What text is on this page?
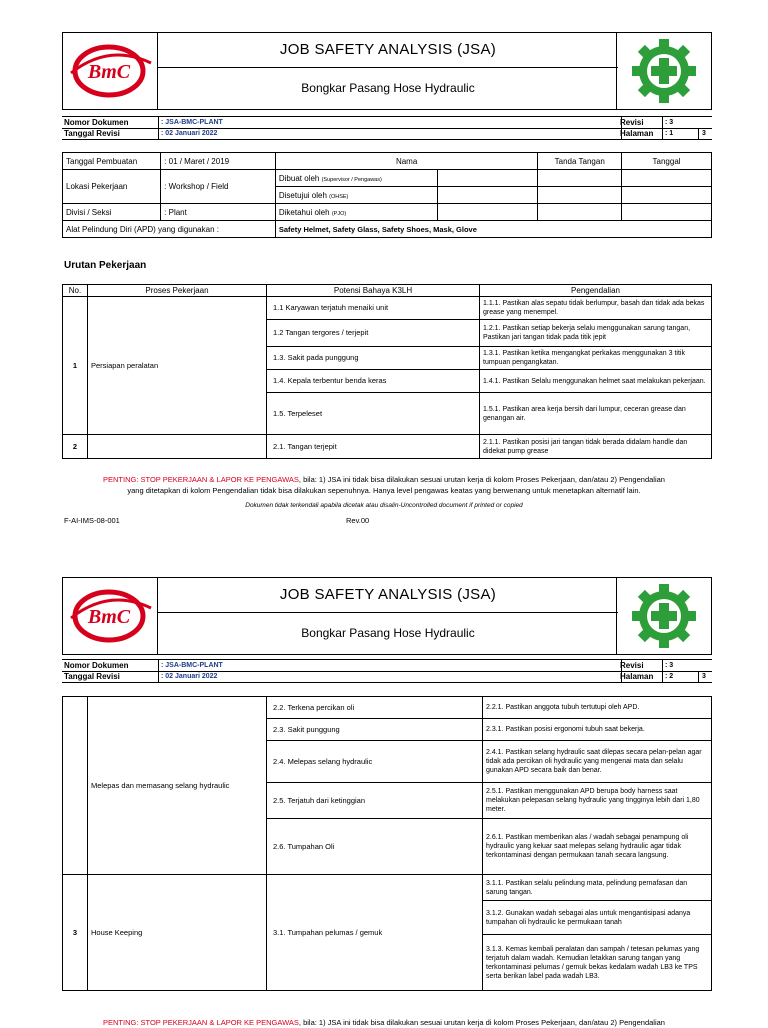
BmC
JOB SAFETY ANALYSIS (JSA)
Bongkar Pasang Hose Hydraulic
Nomor Dokumen	: JSA-BMC-PLANT	Revisi	: 3
Tanggal Revisi	: 02 Januari 2022	Halaman	: 1	3
Tanggal Pembuatan	: 01 / Maret / 2019	Nama		Tanda Tangan	Tanggal
Lokasi Pekerjaan	: Workshop / Field	Dibuat oleh (Supervisor / Pengawas)			
		Disetujui oleh (OHSE)			
Divisi / Seksi	: Plant	Diketahui oleh (PJO)			
Alat Pelindung Diri (APD) yang digunakan :		Safety Helmet, Safety Glass, Safety Shoes, Mask, Glove			
Urutan Pekerjaan
No.	Proses Pekerjaan	Potensi Bahaya K3LH	Pengendalian
1	Persiapan peralatan	1.1 Karyawan terjatuh menaiki unit	1.1.1. Pastikan alas sepatu tidak berlumpur, basah dan tidak ada bekas grease yang menempel.
		1.2 Tangan tergores / terjepit	1.2.1. Pastikan setiap bekerja selalu menggunakan sarung tangan, Pastikan jari tangan tidak pada titik jepit
		1.3. Sakit pada punggung	1.3.1. Pastikan ketika mengangkat perkakas menggunakan 3 titik tumpuan pengangkatan.
		1.4. Kepala terbentur benda keras	1.4.1. Pastikan Selalu menggunakan helmet saat melakukan pekerjaan.
		1.5. Terpeleset	1.5.1. Pastikan area kerja bersih dari lumpur, ceceran grease dan genangan air.
2		2.1. Tangan terjepit	2.1.1. Pastikan posisi jari tangan tidak berada didalam handle dan didekat pump grease
PENTING: STOP PEKERJAAN & LAPOR KE PENGAWAS, bila: 1) JSA ini tidak bisa dilakukan sesuai urutan kerja di kolom Proses Pekerjaan, dan/atau 2) Pengendalian
yang ditetapkan di kolom Pengendalian tidak bisa dilakukan sepenuhnya. Hanya level pengawas keatas yang berwenang untuk menetapkan alternatif lain.
Dokumen tidak terkendali apabila dicetak atau disalin-Uncontrolled document if printed or copied
F-AI-IMS-08-001	Rev.00
BmC
JOB SAFETY ANALYSIS (JSA)
Bongkar Pasang Hose Hydraulic
Nomor Dokumen	: JSA-BMC-PLANT	Revisi	: 3
Tanggal Revisi	: 02 Januari 2022	Halaman	: 2	3
	Melepas dan memasang selang hydraulic	2.2. Terkena percikan oli	2.2.1. Pastikan anggota tubuh tertutupi oleh APD.
		2.3. Sakit punggung	2.3.1. Pastikan posisi ergonomi tubuh saat bekerja.
		2.4. Melepas selang hydraulic	2.4.1. Pastikan selang hydraulic saat dilepas secara pelan-pelan agar tidak ada percikan oli hydraulic yang mengenai mata dan selalu gunakan APD secara baik dan benar.
		2.5. Terjatuh dari ketinggian	2.5.1. Pastikan menggunakan APD berupa body harness saat melakukan pelepasan selang hydraulic yang tingginya lebih dari 1,80 meter.
		2.6. Tumpahan Oli	2.6.1. Pastikan memberikan alas / wadah sebagai penampung oli hydraulic yang keluar saat melepas selang hydraulic agar tidak terkontaminasi dengan permukaan tanah secara langsung.
3	House Keeping	3.1. Tumpahan pelumas / gemuk	3.1.1. Pastikan selalu pelindung mata, pelindung pernafasan dan sarung tangan.
			3.1.2. Gunakan wadah sebagai alas untuk mengantisipasi adanya tumpahan oli hydraulic ke permukaan tanah
			3.1.3. Kemas kembali peralatan dan sampah / tetesan pelumas yang terjatuh dalam wadah. Kemudian letakkan sarung tangan yang terkontaminasi pelumas / gemuk bekas kedalam wadah LB3 ke TPS serta berikan label pada wadah LB3.
PENTING: STOP PEKERJAAN & LAPOR KE PENGAWAS, bila: 1) JSA ini tidak bisa dilakukan sesuai urutan kerja di kolom Proses Pekerjaan, dan/atau 2) Pengendalian
